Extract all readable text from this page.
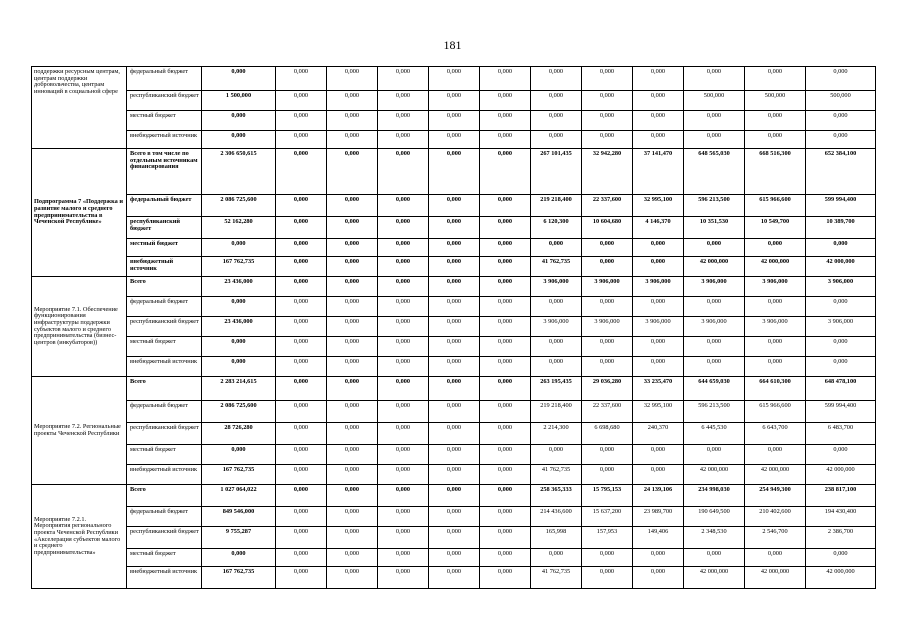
181
поддержки ресурсным центрам, центрам поддержки добровольчества, центрам инноваций в социальной сфере	федеральный бюджет	0,000	0,000	0,000	0,000	0,000	0,000	0,000	0,000	0,000	0,000	0,000	0,000
	республиканский бюджет	1 500,000	0,000	0,000	0,000	0,000	0,000	0,000	0,000	0,000	500,000	500,000	500,000
	местный бюджет	0,000	0,000	0,000	0,000	0,000	0,000	0,000	0,000	0,000	0,000	0,000	0,000
	внебюджетный источник	0,000	0,000	0,000	0,000	0,000	0,000	0,000	0,000	0,000	0,000	0,000	0,000

Подпрограмма 7 «Поддержка и развитие малого и среднего предпринимательства в Чеченской Республике»	Всего в том числе по отдельным источникам финансирования	2 306 650,615	0,000	0,000	0,000	0,000	0,000	267 101,435	32 942,280	37 141,470	648 565,030	668 516,300	652 384,100
	федеральный бюджет	2 086 725,600	0,000	0,000	0,000	0,000	0,000	219 218,400	22 337,600	32 995,100	596 213,500	615 966,600	599 994,400
	республиканский бюджет	52 162,280	0,000	0,000	0,000	0,000	0,000	6 120,300	10 604,680	4 146,370	10 351,530	10 549,700	10 389,700
	местный бюджет	0,000	0,000	0,000	0,000	0,000	0,000	0,000	0,000	0,000	0,000	0,000	0,000
	внебюджетный источник	167 762,735	0,000	0,000	0,000	0,000	0,000	41 762,735	0,000	0,000	42 000,000	42 000,000	42 000,000

Мероприятие 7.1. Обеспечение функционирования инфраструктуры поддержки субъектов малого и среднего предпринимательства (бизнес-центров (инкубаторов))	Всего	23 436,000	0,000	0,000	0,000	0,000	0,000	3 906,000	3 906,000	3 906,000	3 906,000	3 906,000	3 906,000
	федеральный бюджет	0,000	0,000	0,000	0,000	0,000	0,000	0,000	0,000	0,000	0,000	0,000	0,000
	республиканский бюджет	23 436,000	0,000	0,000	0,000	0,000	0,000	3 906,000	3 906,000	3 906,000	3 906,000	3 906,000	3 906,000
	местный бюджет	0,000	0,000	0,000	0,000	0,000	0,000	0,000	0,000	0,000	0,000	0,000	0,000
	внебюджетный источник	0,000	0,000	0,000	0,000	0,000	0,000	0,000	0,000	0,000	0,000	0,000	0,000

Мероприятие 7.2. Региональные проекты Чеченской Республики	Всего	2 283 214,615	0,000	0,000	0,000	0,000	0,000	263 195,435	29 036,280	33 235,470	644 659,030	664 610,300	648 478,100
	федеральный бюджет	2 086 725,600	0,000	0,000	0,000	0,000	0,000	219 218,400	22 337,600	32 995,100	596 213,500	615 966,600	599 994,400
	республиканский бюджет	28 726,280	0,000	0,000	0,000	0,000	0,000	2 214,300	6 698,680	240,370	6 445,530	6 643,700	6 483,700
	местный бюджет	0,000	0,000	0,000	0,000	0,000	0,000	0,000	0,000	0,000	0,000	0,000	0,000
	внебюджетный источник	167 762,735	0,000	0,000	0,000	0,000	0,000	41 762,735	0,000	0,000	42 000,000	42 000,000	42 000,000

Мероприятие 7.2.1. Мероприятия регионального проекта Чеченской Республики «Акселерация субъектов малого и среднего предпринимательства»	Всего	1 027 064,022	0,000	0,000	0,000	0,000	0,000	258 365,333	15 795,153	24 139,106	234 998,030	254 949,300	238 817,100
	федеральный бюджет	849 546,000	0,000	0,000	0,000	0,000	0,000	214 436,600	15 637,200	23 989,700	190 649,500	210 402,600	194 430,400
	республиканский бюджет	9 755,287	0,000	0,000	0,000	0,000	0,000	165,998	157,953	149,406	2 348,530	2 546,700	2 386,700
	местный бюджет	0,000	0,000	0,000	0,000	0,000	0,000	0,000	0,000	0,000	0,000	0,000	0,000
	внебюджетный источник	167 762,735	0,000	0,000	0,000	0,000	0,000	41 762,735	0,000	0,000	42 000,000	42 000,000	42 000,000
